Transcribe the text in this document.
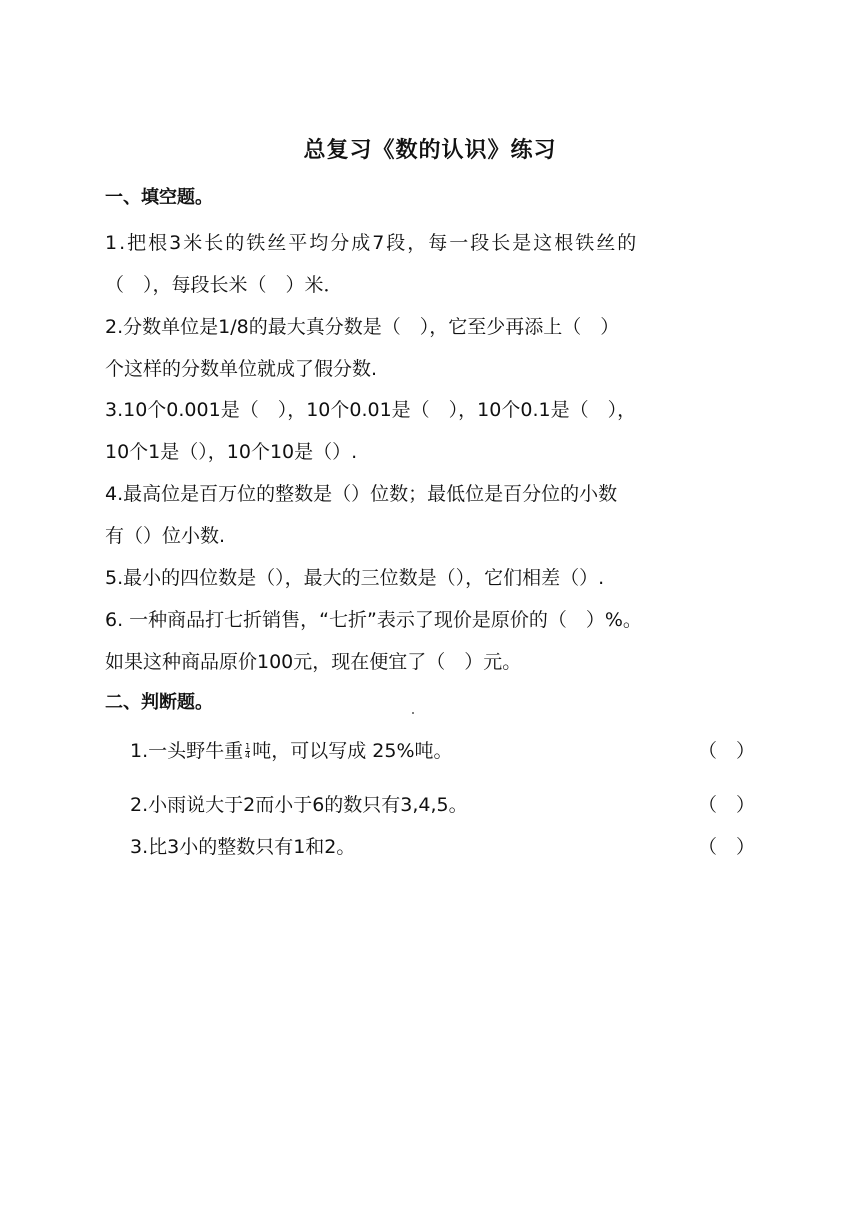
总复习《数的认识》练习
一、填空题。
1.把根3米长的铁丝平均分成7段，每一段长是这根铁丝的
（　），每段长米（　）米．
2.分数单位是1/8的最大真分数是（　），它至少再添上（　）
个这样的分数单位就成了假分数.
3.10个0.001是（　），10个0.01是（　），10个0.1是（　），
10个1是（），10个10是（）.
4.最高位是百万位的整数是（）位数；最低位是百分位的小数
有（）位小数.
5.最小的四位数是（），最大的三位数是（），它们相差（）.
6. 一种商品打七折销售，“七折”表示了现价是原价的（　）%。
如果这种商品原价100元，现在便宜了（　）元。
二、判断题。
1.一头野牛重 $\frac{1}{4}$ 吨，可以写成 25%吨。	（　）
2.小雨说大于2而小于6的数只有3,4,5。	（　）
3.比3小的整数只有1和2。	（　）
